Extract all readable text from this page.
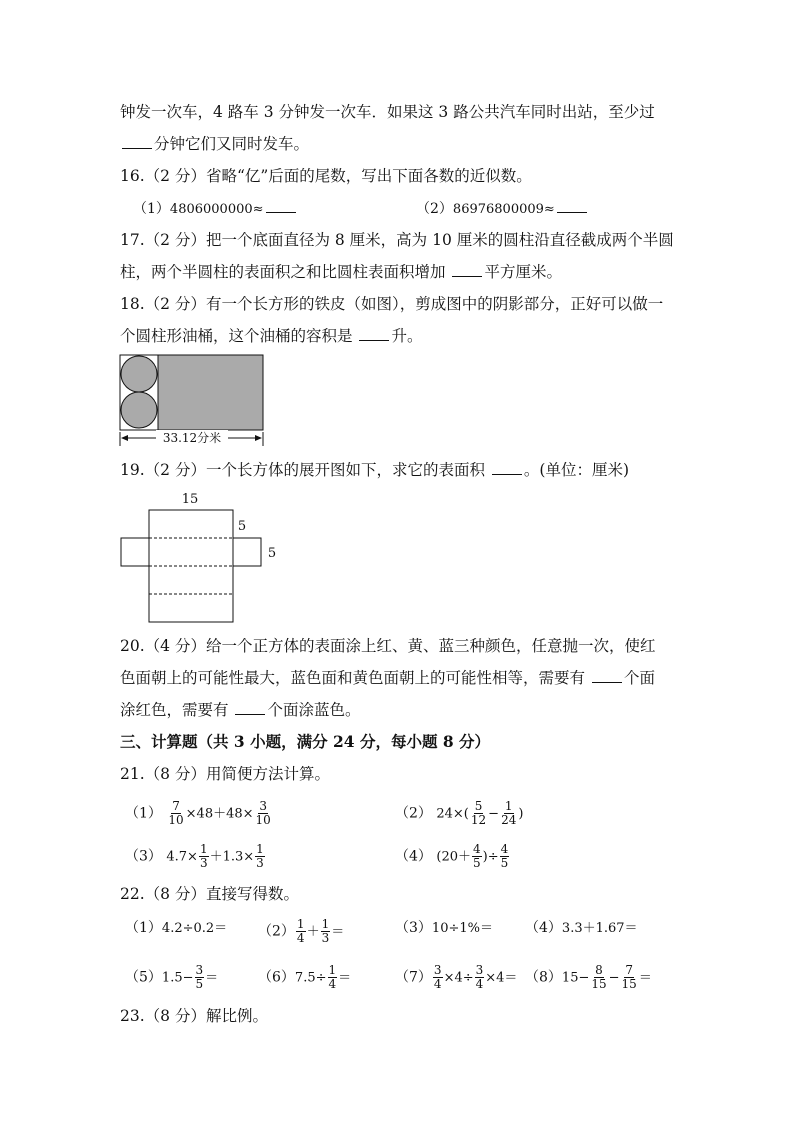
钟发一次车，4 路车 3 分钟发一次车．如果这 3 路公共汽车同时出站，至少过
分钟它们又同时发车。
16.（2 分）省略“亿”后面的尾数，写出下面各数的近似数。
（1）4806000000≈	（2）86976800009≈
17.（2 分）把一个底面直径为 8 厘米，高为 10 厘米的圆柱沿直径截成两个半圆
柱，两个半圆柱的表面积之和比圆柱表面积增加	平方厘米。
18.（2 分）有一个长方形的铁皮（如图），剪成图中的阴影部分，正好可以做一
个圆柱形油桶，这个油桶的容积是	升。
33.12分米
19.（2 分）一个长方体的展开图如下，求它的表面积	。(单位：厘米)
15
5
5
20.（4 分）给一个正方体的表面涂上红、黄、蓝三种颜色，任意抛一次，使红
色面朝上的可能性最大，蓝色面和黄色面朝上的可能性相等，需要有	个面
涂红色，需要有	个面涂蓝色。
三、计算题（共 3 小题，满分 24 分，每小题 8 分）
21.（8 分）用简便方法计算。
$(1) \frac{7}{10} \times 48+48\times \frac{3}{10}$	（2） $24\times( \frac{5}{12} - \frac{1}{24}$ )
（3） $4.7\times \frac{1}{3} +1.3\times \frac{1}{3}$	（4） ($20+ \frac{4}{5}$ )÷ $\frac{4}{5}$
22.（8 分）直接写得数。
$(1)4.2\div 0.2= (2) \frac{1}{4} + \frac{1}{3}$ ＝	（3）10÷1%＝ （4）3.3＋1.67＝
$(5)1.5- \frac{3}{5}$ ＝	$(6)7.5\div \frac{1}{4}$ ＝	$(7) \frac{3}{4} \times 4\div \frac{3}{4} \times 4= (8)15- \frac{8}{15} - \frac{7}{15}$ ＝
23.（8 分）解比例。
